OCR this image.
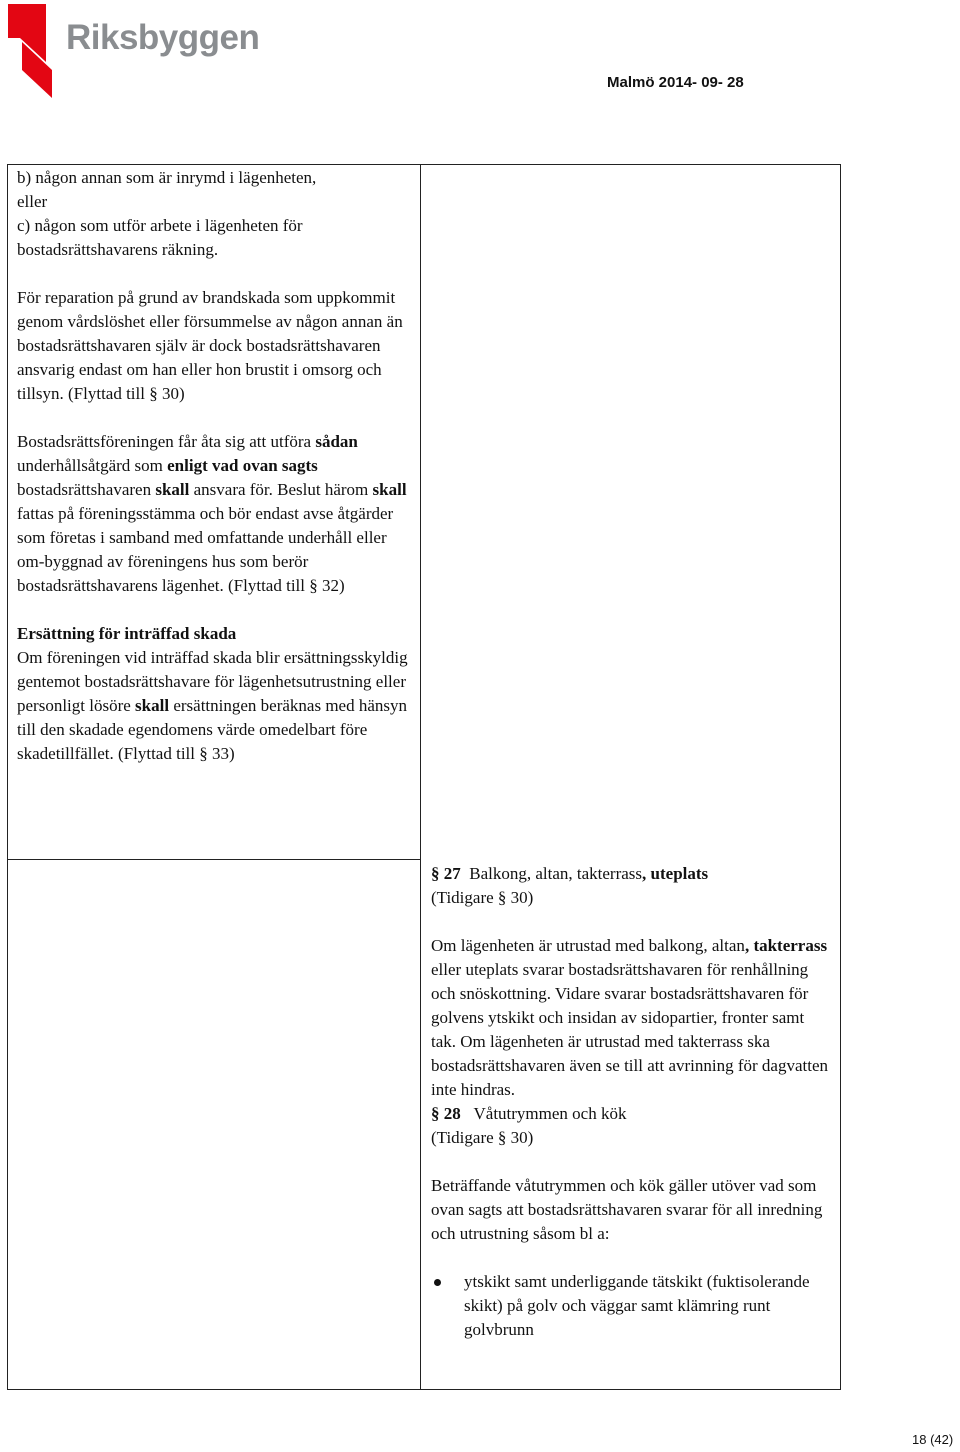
Riksbyggen
Malmö 2014- 09- 28

b) någon annan som är inrymd i lägenheten,

eller

c) någon som utför arbete i lägenheten för

bostadsrättshavarens räkning.

För reparation på grund av brandskada som uppkommit genom vårdslöshet eller försummelse av någon annan än bostadsrättshavaren själv är dock bostadsrättshavaren ansvarig endast om han eller hon brustit i omsorg och tillsyn. (Flyttad till § 30)

Bostadsrättsföreningen får åta sig att utföra sådan underhållsåtgärd som enligt vad ovan sagts bostadsrättshavaren skall ansvara för. Beslut härom skall fattas på föreningsstämma och bör endast avse åtgärder som företas i samband med omfattande underhåll eller om-byggnad av föreningens hus som berör bostadsrättshavarens lägenhet. (Flyttad till § 32)

Ersättning för inträffad skada

Om föreningen vid inträffad skada blir ersättningsskyldig gentemot bostadsrättshavare för lägenhetsutrustning eller personligt lösöre skall ersättningen beräknas med hänsyn till den skadade egendomens värde omedelbart före skadetillfället. (Flyttad till § 33)

§ 27 Balkong, altan, takterrass, uteplats

(Tidigare § 30)

Om lägenheten är utrustad med balkong, altan, takterrass eller uteplats svarar bostadsrättshavaren för renhållning och snöskottning. Vidare svarar bostadsrättshavaren för golvens ytskikt och insidan av sidopartier, fronter samt tak. Om lägenheten är utrustad med takterrass ska bostadsrättshavaren även se till att avrinning för dagvatten inte hindras.

§ 28 Våtutrymmen och kök

(Tidigare § 30)

Beträffande våtutrymmen och kök gäller utöver vad som ovan sagts att bostadsrättshavaren svarar för all inredning och utrustning såsom bl a:

ytskikt samt underliggande tätskikt (fuktisolerande skikt) på golv och väggar samt klämring runt golvbrunn

18 (42)
